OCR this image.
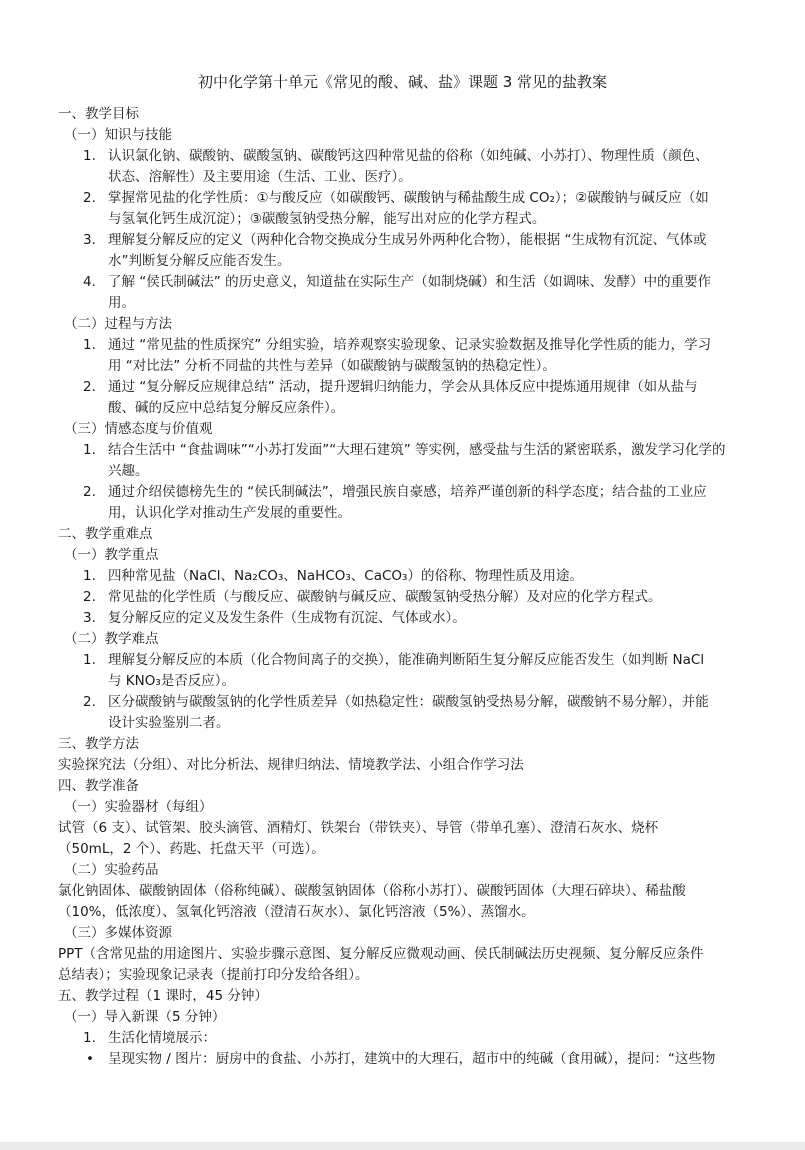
初中化学第十单元《常见的酸、碱、盐》课题 3 常见的盐教案
一、教学目标
（一）知识与技能
1. 认识氯化钠、碳酸钠、碳酸氢钠、碳酸钙这四种常见盐的俗称（如纯碱、小苏打）、物理性质（颜色、
状态、溶解性）及主要用途（生活、工业、医疗）。
2. 掌握常见盐的化学性质：①与酸反应（如碳酸钙、碳酸钠与稀盐酸生成 CO₂）；②碳酸钠与碱反应（如
与氢氧化钙生成沉淀）；③碳酸氢钠受热分解，能写出对应的化学方程式。
3. 理解复分解反应的定义（两种化合物交换成分生成另外两种化合物），能根据 “生成物有沉淀、气体或
水”判断复分解反应能否发生。
4. 了解 “侯氏制碱法” 的历史意义，知道盐在实际生产（如制烧碱）和生活（如调味、发酵）中的重要作
用。
（二）过程与方法
1. 通过 “常见盐的性质探究” 分组实验，培养观察实验现象、记录实验数据及推导化学性质的能力，学习
用 “对比法” 分析不同盐的共性与差异（如碳酸钠与碳酸氢钠的热稳定性）。
2. 通过 “复分解反应规律总结” 活动，提升逻辑归纳能力，学会从具体反应中提炼通用规律（如从盐与
酸、碱的反应中总结复分解反应条件）。
（三）情感态度与价值观
1. 结合生活中 “食盐调味”“小苏打发面”“大理石建筑” 等实例，感受盐与生活的紧密联系，激发学习化学的
兴趣。
2. 通过介绍侯德榜先生的 “侯氏制碱法”，增强民族自豪感，培养严谨创新的科学态度；结合盐的工业应
用，认识化学对推动生产发展的重要性。
二、教学重难点
（一）教学重点
1. 四种常见盐（NaCl、Na₂CO₃、NaHCO₃、CaCO₃）的俗称、物理性质及用途。
2. 常见盐的化学性质（与酸反应、碳酸钠与碱反应、碳酸氢钠受热分解）及对应的化学方程式。
3. 复分解反应的定义及发生条件（生成物有沉淀、气体或水）。
（二）教学难点
1. 理解复分解反应的本质（化合物间离子的交换），能准确判断陌生复分解反应能否发生（如判断 NaCl
与 KNO₃是否反应）。
2. 区分碳酸钠与碳酸氢钠的化学性质差异（如热稳定性：碳酸氢钠受热易分解，碳酸钠不易分解），并能
设计实验鉴别二者。
三、教学方法
实验探究法（分组）、对比分析法、规律归纳法、情境教学法、小组合作学习法
四、教学准备
（一）实验器材（每组）
试管（6 支）、试管架、胶头滴管、酒精灯、铁架台（带铁夹）、导管（带单孔塞）、澄清石灰水、烧杯
（50mL，2 个）、药匙、托盘天平（可选）。
（二）实验药品
氯化钠固体、碳酸钠固体（俗称纯碱）、碳酸氢钠固体（俗称小苏打）、碳酸钙固体（大理石碎块）、稀盐酸
（10%，低浓度）、氢氧化钙溶液（澄清石灰水）、氯化钙溶液（5%）、蒸馏水。
（三）多媒体资源
PPT（含常见盐的用途图片、实验步骤示意图、复分解反应微观动画、侯氏制碱法历史视频、复分解反应条件
总结表）；实验现象记录表（提前打印分发给各组）。
五、教学过程（1 课时，45 分钟）
（一）导入新课（5 分钟）
1. 生活化情境展示：
• 呈现实物 / 图片：厨房中的食盐、小苏打，建筑中的大理石，超市中的纯碱（食用碱），提问：“这些物
